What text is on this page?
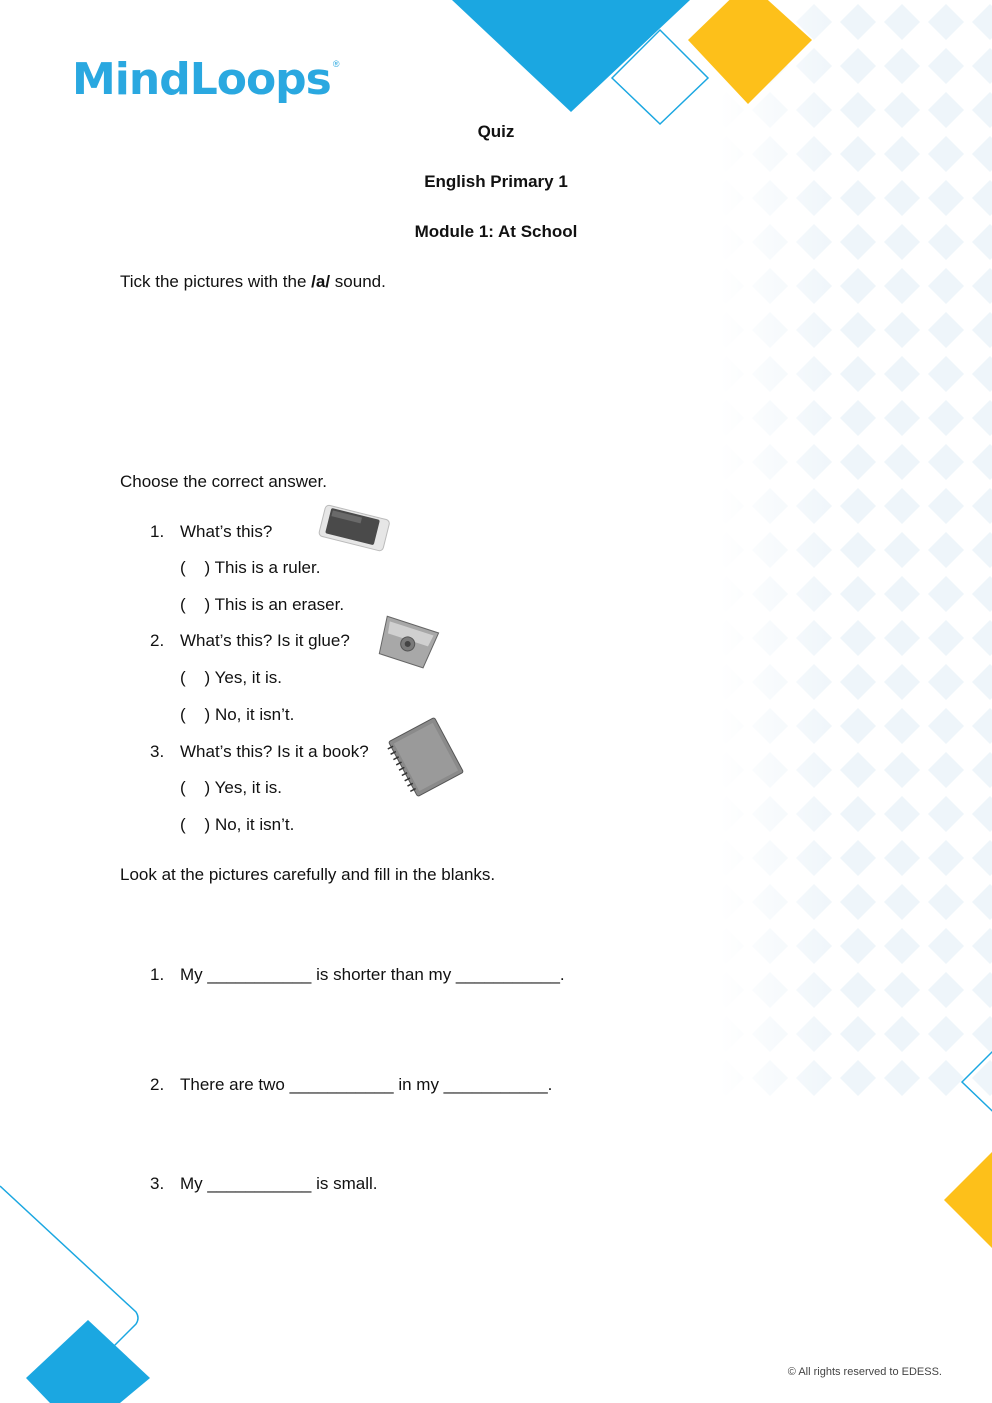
MindLoops ®
Quiz
English Primary 1
Module 1: At School
Tick the pictures with the /a/ sound.
Choose the correct answer.
1. What’s this?
(    ) This is a ruler.
(    ) This is an eraser.
2. What’s this? Is it glue?
(    ) Yes, it is.
(    ) No, it isn’t.
3. What’s this? Is it a book?
(    ) Yes, it is.
(    ) No, it isn’t.
Look at the pictures carefully and fill in the blanks.
1. My ___________ is shorter than my ___________.
2. There are two ___________ in my ___________.
3. My ___________ is small.
© All rights reserved to EDESS.
